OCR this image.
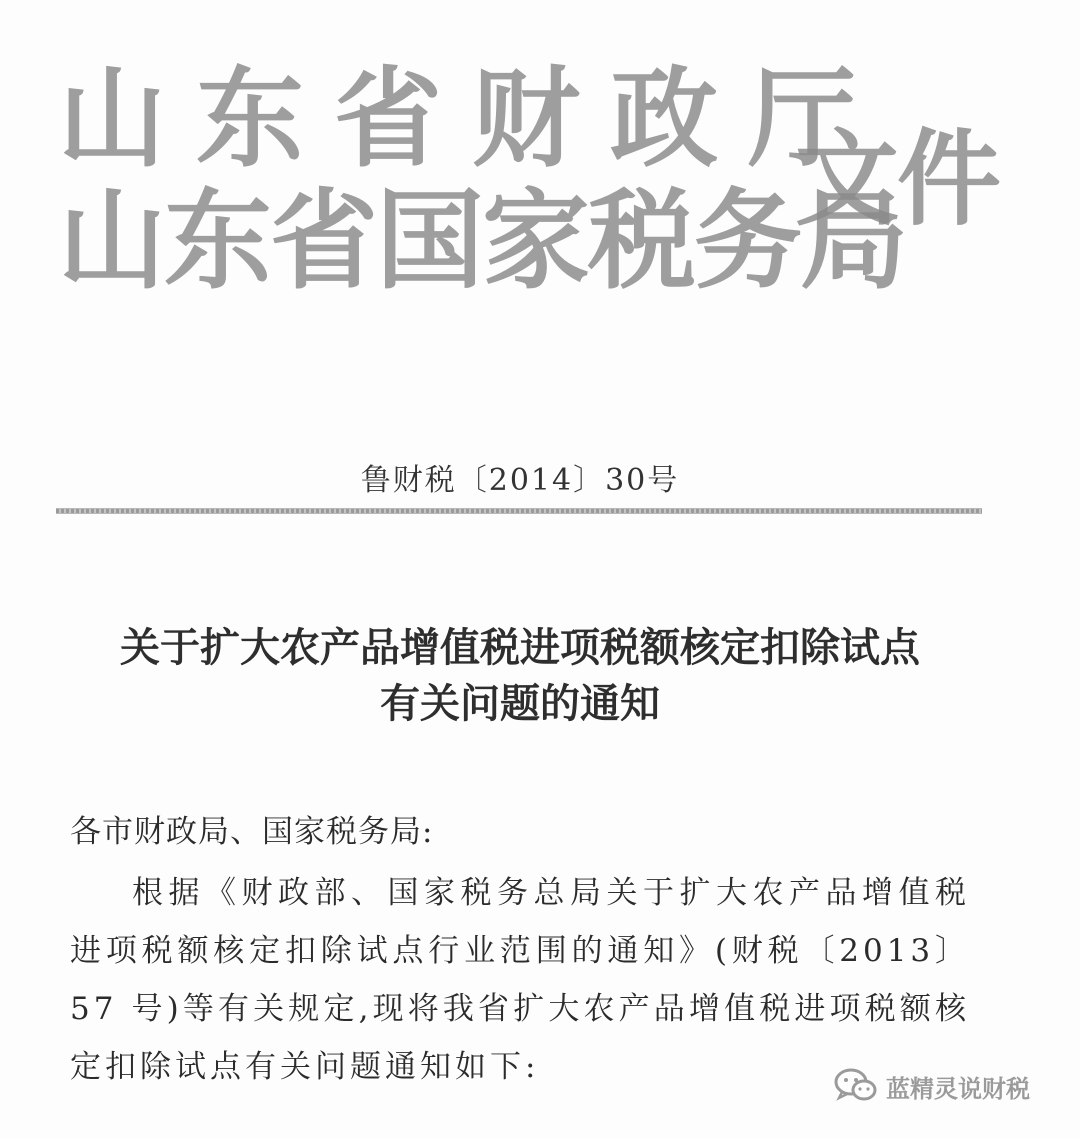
山东省财政厅
山东省国家税务局
文件
鲁财税〔2014〕30号
关于扩大农产品增值税进项税额核定扣除试点
有关问题的通知
各市财政局、国家税务局:
根据《财政部、国家税务总局关于扩大农产品增值税进项税额核定扣除试点行业范围的通知》(财税〔2013〕57 号)等有关规定,现将我省扩大农产品增值税进项税额核定扣除试点有关问题通知如下:
蓝精灵说财税
